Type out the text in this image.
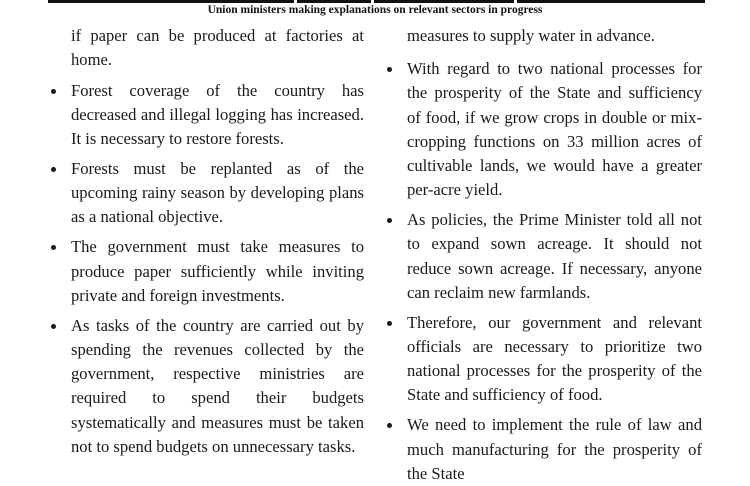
Union ministers making explanations on relevant sectors in progress

if paper can be produced at factories at home.

Forest coverage of the country has decreased and illegal logging has increased. It is necessary to restore forests.
Forests must be replanted as of the upcoming rainy season by developing plans as a national objective.
The government must take measures to produce paper sufficiently while inviting private and foreign investments.
As tasks of the country are carried out by spending the revenues collected by the government, respective ministries are required to spend their budgets systematically and measures must be taken not to spend budgets on unnecessary tasks.

measures to supply water in advance.

With regard to two national processes for the prosperity of the State and sufficiency of food, if we grow crops in double or mix-cropping functions on 33 million acres of cultivable lands, we would have a greater per-acre yield.
As policies, the Prime Minister told all not to expand sown acreage. It should not reduce sown acreage. If necessary, anyone can reclaim new farmlands.
Therefore, our government and relevant officials are necessary to prioritize two national processes for the prosperity of the State and sufficiency of food.
We need to implement the rule of law and much manufacturing for the prosperity of the State
